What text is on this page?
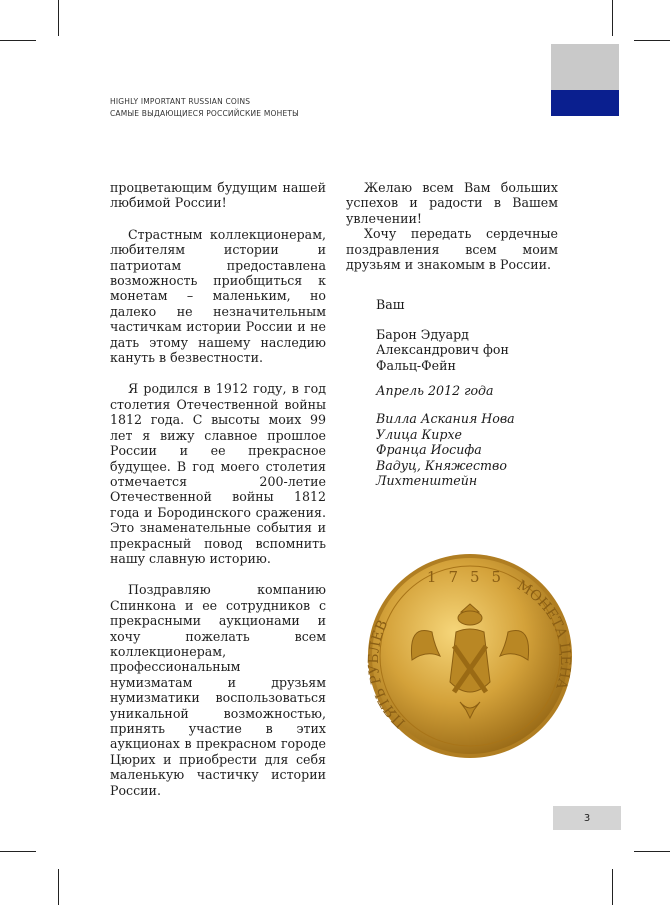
HIGHLY IMPORTANT RUSSIAN COINS
САМЫЕ ВЫДАЮЩИЕСЯ РОССИЙСКИЕ МОНЕТЫ

процветающим будущим нашей любимой России!

Страстным коллекционерам, любителям истории и патриотам предоставлена возможность приобщиться к монетам – маленьким, но далеко не незначительным частичкам истории России и не дать этому нашему наследию кануть в безвестности.

Я родился в 1912 году, в год столетия Отечественной войны 1812 года. С высоты моих 99 лет я вижу славное прошлое России и ее прекрасное будущее. В год моего столетия отмечается 200-летие Отечественной войны 1812 года и Бородинского сражения. Это знаменательные события и прекрасный повод вспомнить нашу славную историю.

Поздравляю компанию Спинкона и ее сотрудников с прекрасными аукционами и хочу пожелать всем коллекционерам, профессиональным нумизматам и друзьям нумизматики воспользоваться уникальной возможностью, принять участие в этих аукционах в прекрасном городе Цюрих и приобрести для себя маленькую частичку истории России.

Желаю всем Вам больших успехов и радости в Вашем увлечении!

Хочу передать сердечные поздравления всем моим друзьям и знакомым в России.

Ваш
Барон Эдуард
Александрович фон
Фальц-Фейн
Апрель 2012 года
Вилла Аскания Нова
Улица Кирхе
Франца Иосифа
Вадуц, Княжество
Лихтенштейн
ПЯТЬ РУБЛЕВ
МОНЕТА ЦЕНА
1755
3
